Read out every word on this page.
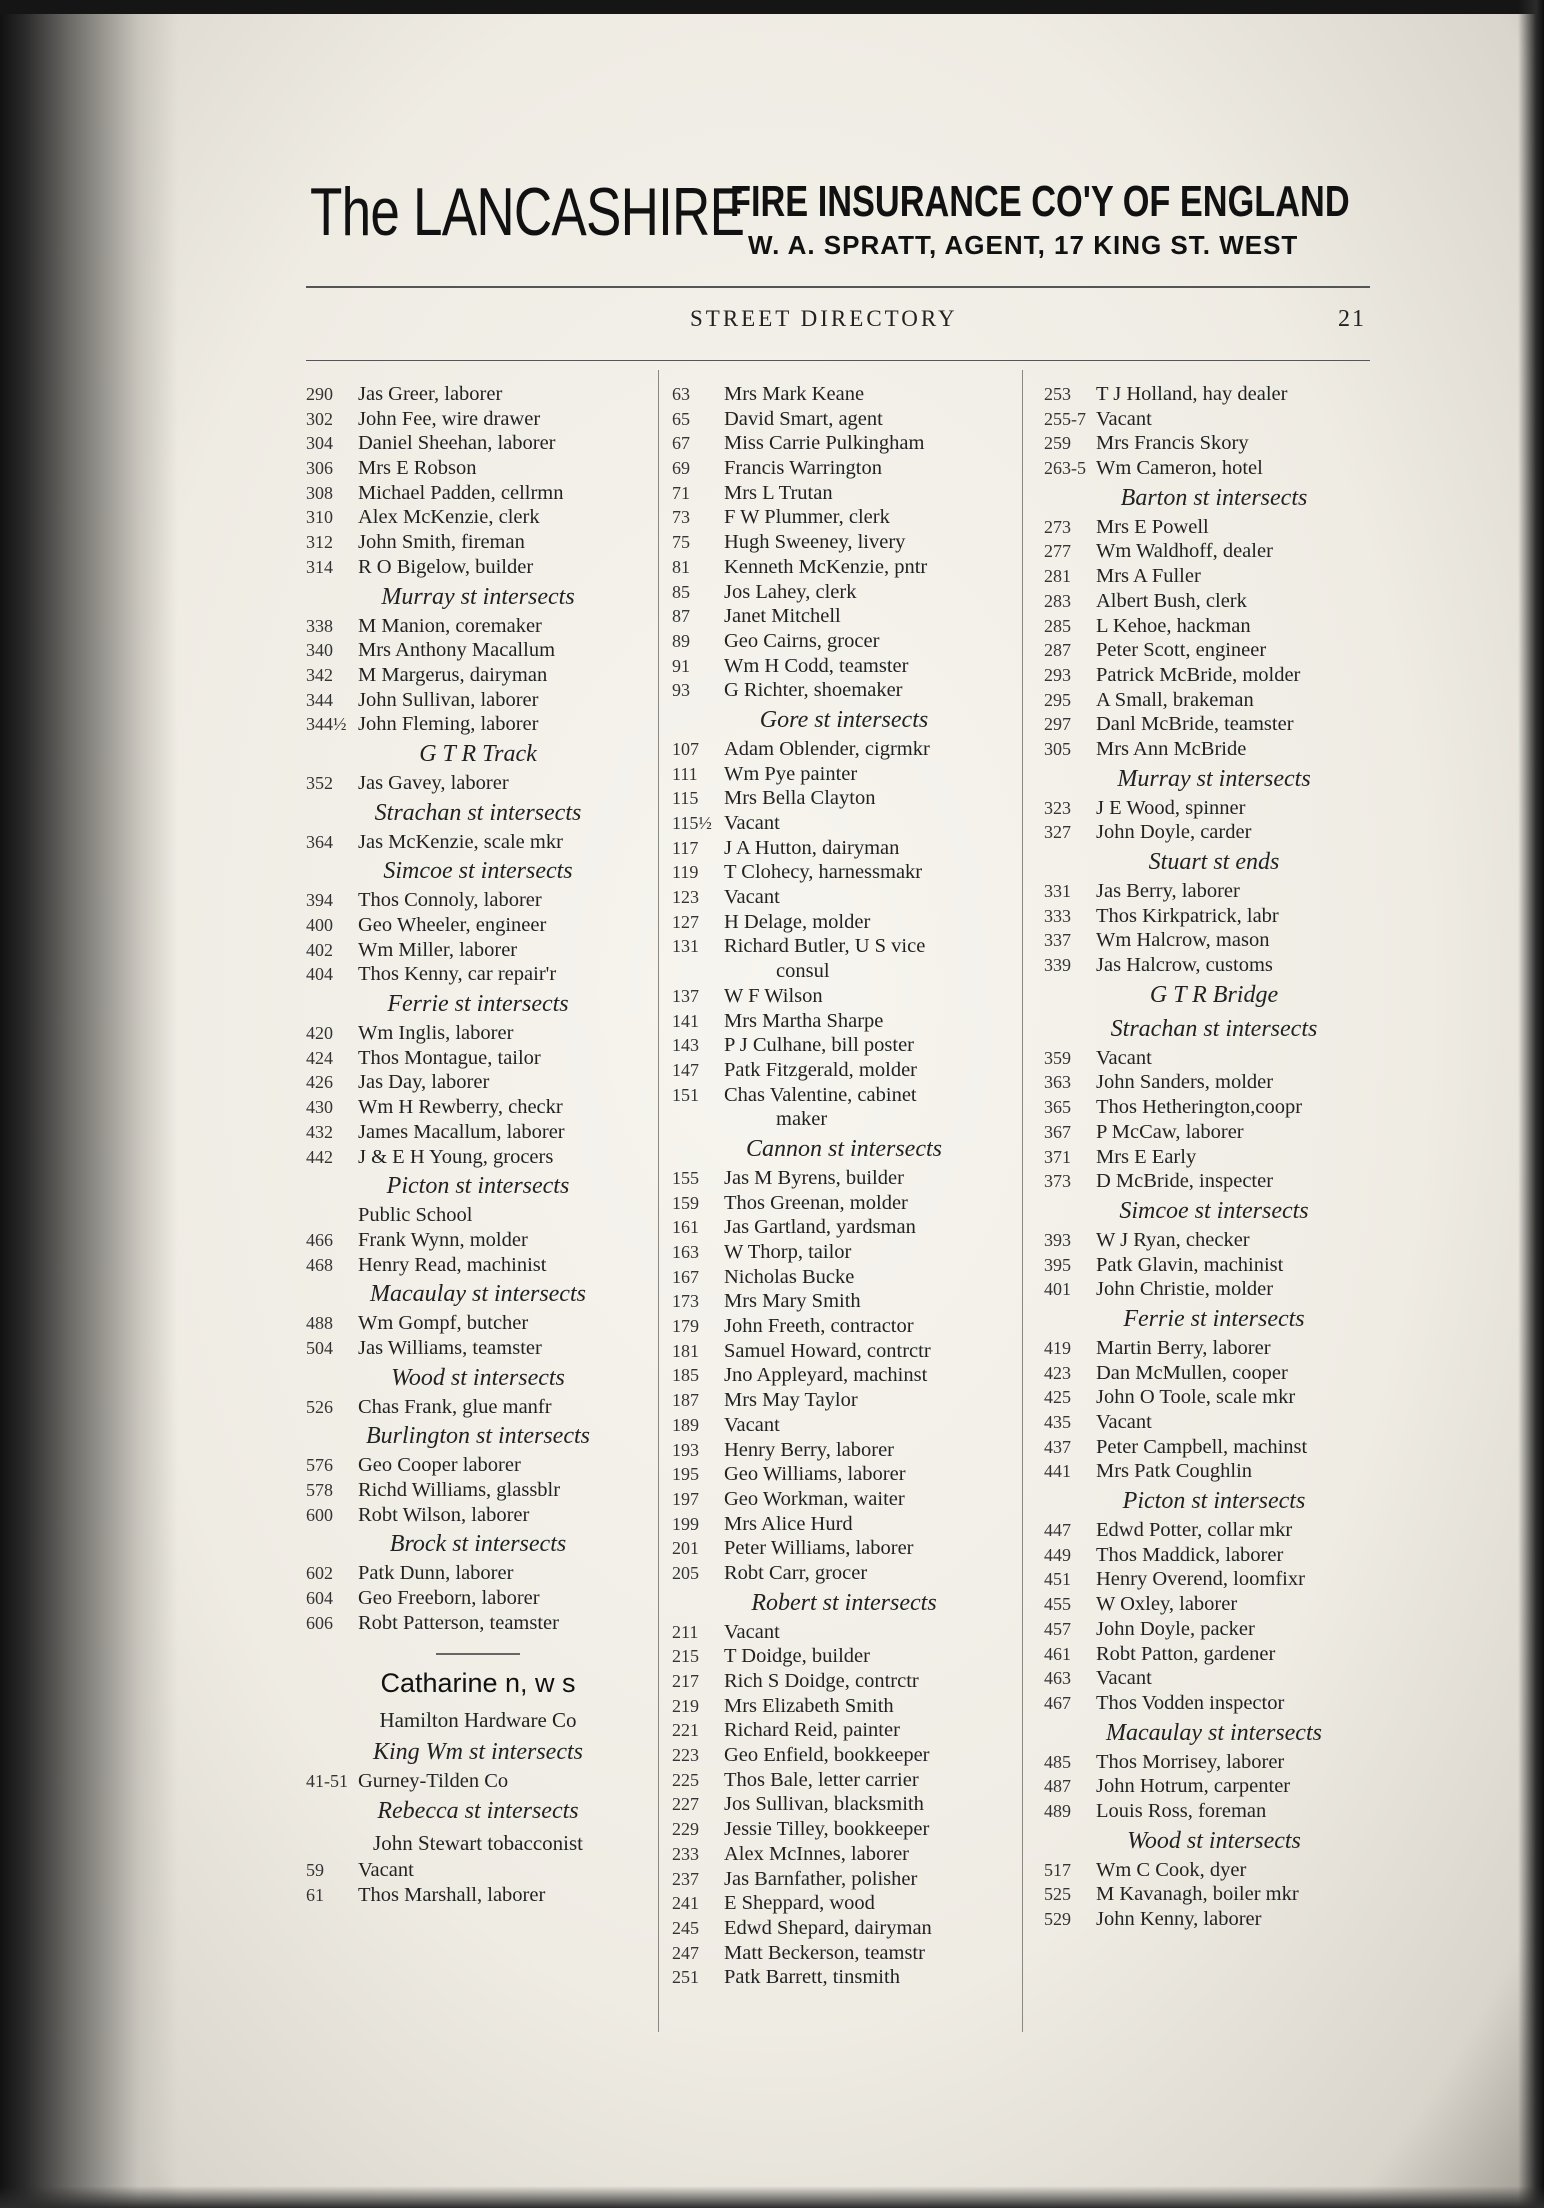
The LANCASHIRE
FIRE INSURANCE CO'Y OF ENGLAND
W. A. SPRATT, AGENT, 17 KING ST. WEST
STREET DIRECTORY	21
290 Jas Greer, laborer
302 John Fee, wire drawer
304 Daniel Sheehan, laborer
306 Mrs E Robson
308 Michael Padden, cellrmn
310 Alex McKenzie, clerk
312 John Smith, fireman
314 R O Bigelow, builder
Murray st intersects
338 M Manion, coremaker
340 Mrs Anthony Macallum
342 M Margerus, dairyman
344 John Sullivan, laborer
344½ John Fleming, laborer
G T R Track
352 Jas Gavey, laborer
Strachan st intersects
364 Jas McKenzie, scale mkr
Simcoe st intersects
394 Thos Connoly, laborer
400 Geo Wheeler, engineer
402 Wm Miller, laborer
404 Thos Kenny, car repair'r
Ferrie st intersects
420 Wm Inglis, laborer
424 Thos Montague, tailor
426 Jas Day, laborer
430 Wm H Rewberry, checkr
432 James Macallum, laborer
442 J & E H Young, grocers
Picton st intersects
Public School
466 Frank Wynn, molder
468 Henry Read, machinist
Macaulay st intersects
488 Wm Gompf, butcher
504 Jas Williams, teamster
Wood st intersects
526 Chas Frank, glue manfr
Burlington st intersects
576 Geo Cooper laborer
578 Richd Williams, glassblr
600 Robt Wilson, laborer
Brock st intersects
602 Patk Dunn, laborer
604 Geo Freeborn, laborer
606 Robt Patterson, teamster
Catharine n, w s
Hamilton Hardware Co
King Wm st intersects
41-51 Gurney-Tilden Co
Rebecca st intersects
John Stewart tobacconist
59 Vacant
61 Thos Marshall, laborer
63 Mrs Mark Keane
65 David Smart, agent
67 Miss Carrie Pulkingham
69 Francis Warrington
71 Mrs L Trutan
73 F W Plummer, clerk
75 Hugh Sweeney, livery
81 Kenneth McKenzie, pntr
85 Jos Lahey, clerk
87 Janet Mitchell
89 Geo Cairns, grocer
91 Wm H Codd, teamster
93 G Richter, shoemaker
Gore st intersects
107 Adam Oblender, cigrmkr
111 Wm Pye painter
115 Mrs Bella Clayton
115½ Vacant
117 J A Hutton, dairyman
119 T Clohecy, harnessmakr
123 Vacant
127 H Delage, molder
131 Richard Butler, U S vice
consul
137 W F Wilson
141 Mrs Martha Sharpe
143 P J Culhane, bill poster
147 Patk Fitzgerald, molder
151 Chas Valentine, cabinet
maker
Cannon st intersects
155 Jas M Byrens, builder
159 Thos Greenan, molder
161 Jas Gartland, yardsman
163 W Thorp, tailor
167 Nicholas Bucke
173 Mrs Mary Smith
179 John Freeth, contractor
181 Samuel Howard, contrctr
185 Jno Appleyard, machinst
187 Mrs May Taylor
189 Vacant
193 Henry Berry, laborer
195 Geo Williams, laborer
197 Geo Workman, waiter
199 Mrs Alice Hurd
201 Peter Williams, laborer
205 Robt Carr, grocer
Robert st intersects
211 Vacant
215 T Doidge, builder
217 Rich S Doidge, contrctr
219 Mrs Elizabeth Smith
221 Richard Reid, painter
223 Geo Enfield, bookkeeper
225 Thos Bale, letter carrier
227 Jos Sullivan, blacksmith
229 Jessie Tilley, bookkeeper
233 Alex McInnes, laborer
237 Jas Barnfather, polisher
241 E Sheppard, wood
245 Edwd Shepard, dairyman
247 Matt Beckerson, teamstr
251 Patk Barrett, tinsmith
253 T J Holland, hay dealer
255-7 Vacant
259 Mrs Francis Skory
263-5 Wm Cameron, hotel
Barton st intersects
273 Mrs E Powell
277 Wm Waldhoff, dealer
281 Mrs A Fuller
283 Albert Bush, clerk
285 L Kehoe, hackman
287 Peter Scott, engineer
293 Patrick McBride, molder
295 A Small, brakeman
297 Danl McBride, teamster
305 Mrs Ann McBride
Murray st intersects
323 J E Wood, spinner
327 John Doyle, carder
Stuart st ends
331 Jas Berry, laborer
333 Thos Kirkpatrick, labr
337 Wm Halcrow, mason
339 Jas Halcrow, customs
G T R Bridge
Strachan st intersects
359 Vacant
363 John Sanders, molder
365 Thos Hetherington,coopr
367 P McCaw, laborer
371 Mrs E Early
373 D McBride, inspecter
Simcoe st intersects
393 W J Ryan, checker
395 Patk Glavin, machinist
401 John Christie, molder
Ferrie st intersects
419 Martin Berry, laborer
423 Dan McMullen, cooper
425 John O Toole, scale mkr
435 Vacant
437 Peter Campbell, machinst
441 Mrs Patk Coughlin
Picton st intersects
447 Edwd Potter, collar mkr
449 Thos Maddick, laborer
451 Henry Overend, loomfixr
455 W Oxley, laborer
457 John Doyle, packer
461 Robt Patton, gardener
463 Vacant
467 Thos Vodden inspector
Macaulay st intersects
485 Thos Morrisey, laborer
487 John Hotrum, carpenter
489 Louis Ross, foreman
Wood st intersects
517 Wm C Cook, dyer
525 M Kavanagh, boiler mkr
529 John Kenny, laborer
